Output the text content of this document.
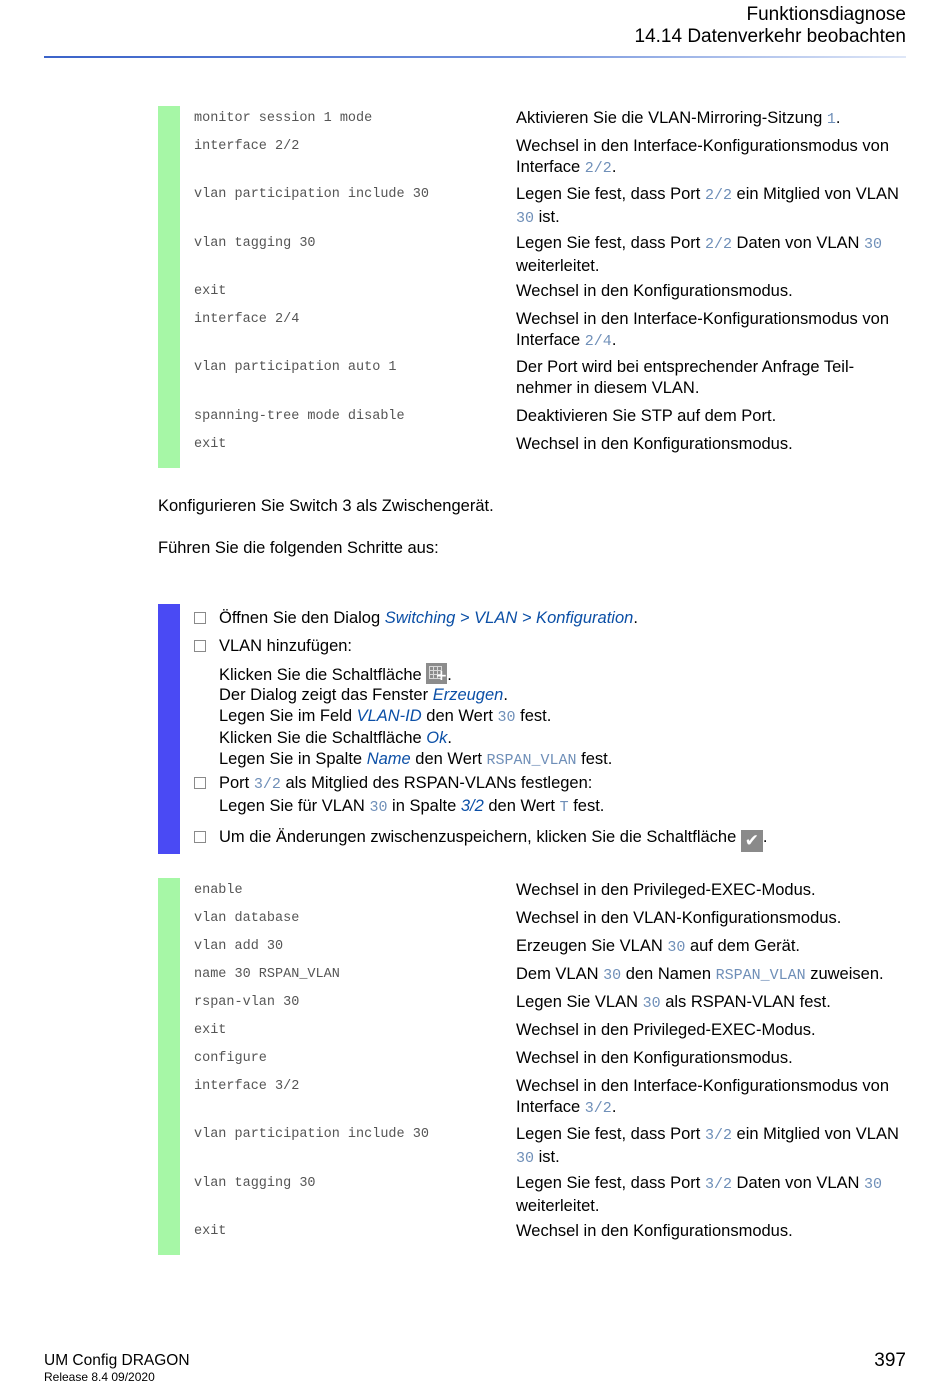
Funktionsdiagnose
14.14 Datenverkehr beobachten
monitor session 1 mode	Aktivieren Sie die VLAN-Mirroring-Sitzung 1.
interface 2/2	Wechsel in den Interface-Konfigurationsmodus von Interface 2/2.
vlan participation include 30	Legen Sie fest, dass Port 2/2 ein Mitglied von VLAN 30 ist.
vlan tagging 30	Legen Sie fest, dass Port 2/2 Daten von VLAN 30 weiterleitet.
exit	Wechsel in den Konfigurationsmodus.
interface 2/4	Wechsel in den Interface-Konfigurationsmodus von Interface 2/4.
vlan participation auto 1	Der Port wird bei entsprechender Anfrage Teil-nehmer in diesem VLAN.
spanning-tree mode disable	Deaktivieren Sie STP auf dem Port.
exit	Wechsel in den Konfigurationsmodus.
Konfigurieren Sie Switch 3 als Zwischengerät.
Führen Sie die folgenden Schritte aus:
Öffnen Sie den Dialog Switching > VLAN > Konfiguration.
VLAN hinzufügen:
Klicken Sie die Schaltfläche +.
Der Dialog zeigt das Fenster Erzeugen.
Legen Sie im Feld VLAN-ID den Wert 30 fest.
Klicken Sie die Schaltfläche Ok.
Legen Sie in Spalte Name den Wert RSPAN_VLAN fest.
Port 3/2 als Mitglied des RSPAN-VLANs festlegen:
Legen Sie für VLAN 30 in Spalte 3/2 den Wert T fest.
Um die Änderungen zwischenzuspeichern, klicken Sie die Schaltfläche ✔ .
enable	Wechsel in den Privileged-EXEC-Modus.
vlan database	Wechsel in den VLAN-Konfigurationsmodus.
vlan add 30	Erzeugen Sie VLAN 30 auf dem Gerät.
name 30 RSPAN_VLAN	Dem VLAN 30 den Namen RSPAN_VLAN zuweisen.
rspan-vlan 30	Legen Sie VLAN 30 als RSPAN-VLAN fest.
exit	Wechsel in den Privileged-EXEC-Modus.
configure	Wechsel in den Konfigurationsmodus.
interface 3/2	Wechsel in den Interface-Konfigurationsmodus von Interface 3/2.
vlan participation include 30	Legen Sie fest, dass Port 3/2 ein Mitglied von VLAN 30 ist.
vlan tagging 30	Legen Sie fest, dass Port 3/2 Daten von VLAN 30 weiterleitet.
exit	Wechsel in den Konfigurationsmodus.
UM Config DRAGON
Release 8.4 09/2020
397
